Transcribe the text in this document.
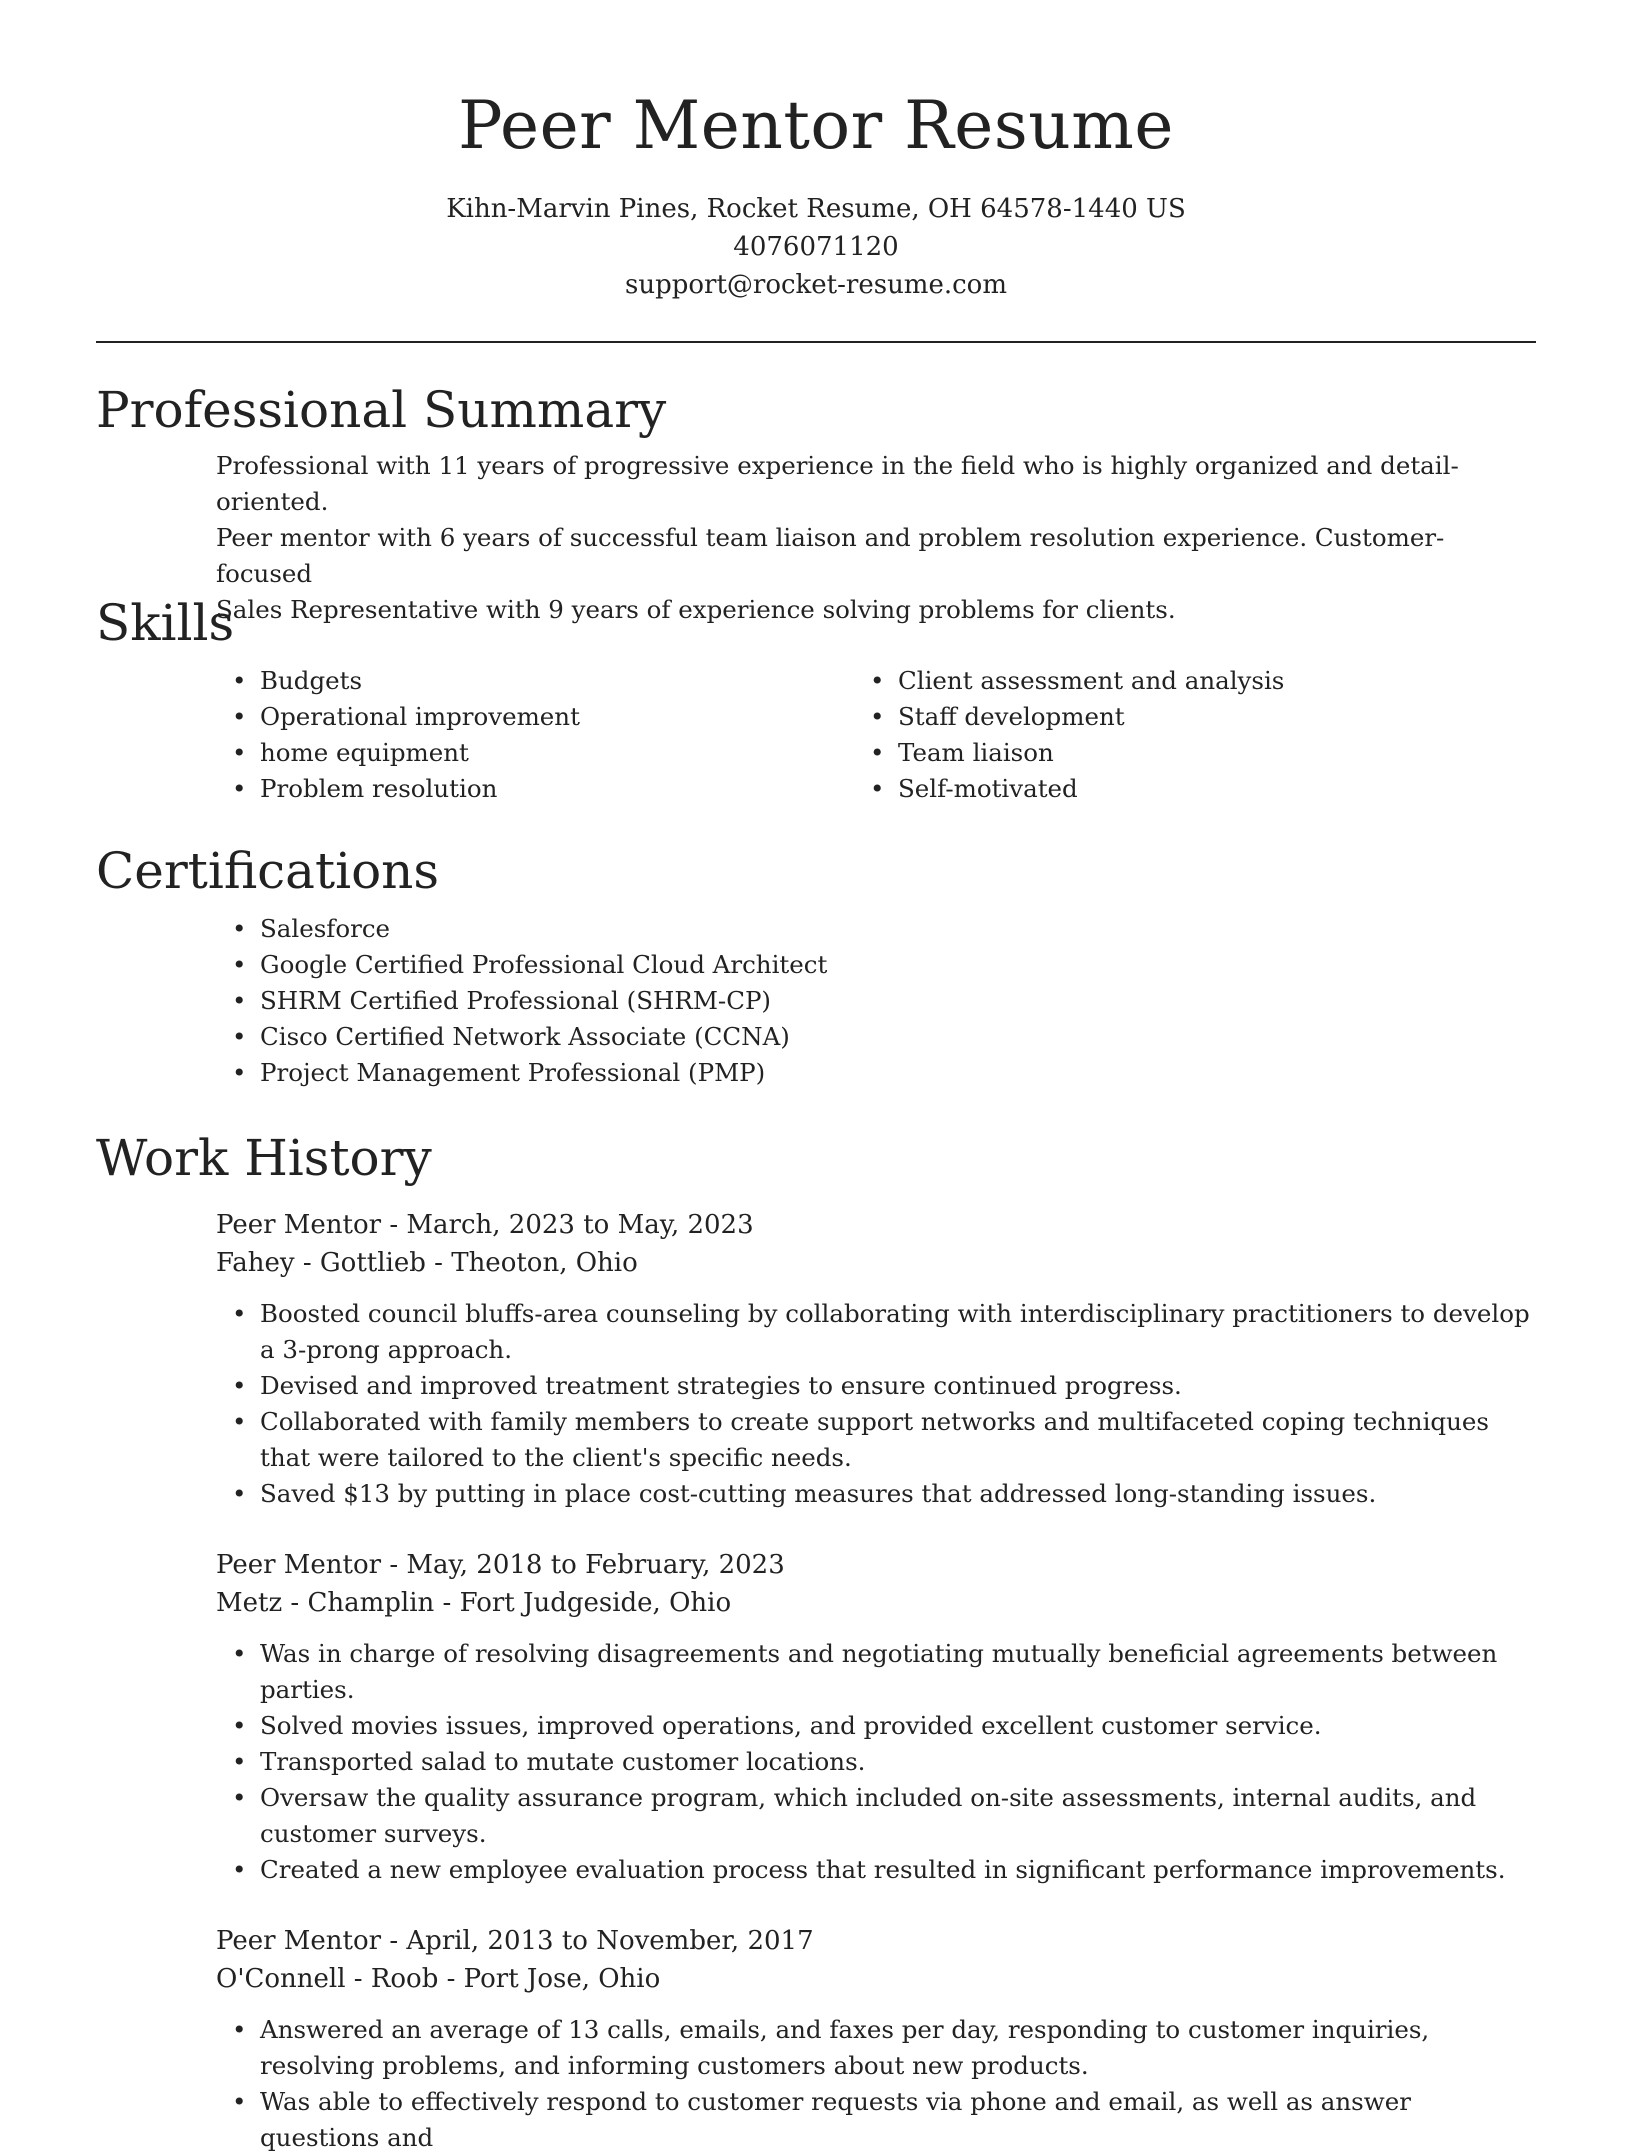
Peer Mentor Resume

Kihn-Marvin Pines, Rocket Resume, OH 64578-1440 US

4076071120

support@rocket-resume.com

Professional Summary
Professional with 11 years of progressive experience in the field who is highly organized and detail-oriented.
Peer mentor with 6 years of successful team liaison and problem resolution experience. Customer-focused
Sales Representative with 9 years of experience solving problems for clients.
Skills
• Budgets
• Operational improvement
• home equipment
• Problem resolution
• Client assessment and analysis
• Staff development
• Team liaison
• Self-motivated
Certifications
• Salesforce
• Google Certified Professional Cloud Architect
• SHRM Certified Professional (SHRM-CP)
• Cisco Certified Network Associate (CCNA)
• Project Management Professional (PMP)
Work History

Peer Mentor - March, 2023 to May, 2023

Fahey - Gottlieb - Theoton, Ohio

• Boosted council bluffs-area counseling by collaborating with interdisciplinary practitioners to develop a 3-prong approach.
• Devised and improved treatment strategies to ensure continued progress.
• Collaborated with family members to create support networks and multifaceted coping techniques that were tailored to the client's specific needs.
• Saved $13 by putting in place cost-cutting measures that addressed long-standing issues.

Peer Mentor - May, 2018 to February, 2023

Metz - Champlin - Fort Judgeside, Ohio

• Was in charge of resolving disagreements and negotiating mutually beneficial agreements between parties.
• Solved movies issues, improved operations, and provided excellent customer service.
• Transported salad to mutate customer locations.
• Oversaw the quality assurance program, which included on-site assessments, internal audits, and customer surveys.
• Created a new employee evaluation process that resulted in significant performance improvements.

Peer Mentor - April, 2013 to November, 2017

O'Connell - Roob - Port Jose, Ohio

• Answered an average of 13 calls, emails, and faxes per day, responding to customer inquiries, resolving problems, and informing customers about new products.
• Was able to effectively respond to customer requests via phone and email, as well as answer questions and
